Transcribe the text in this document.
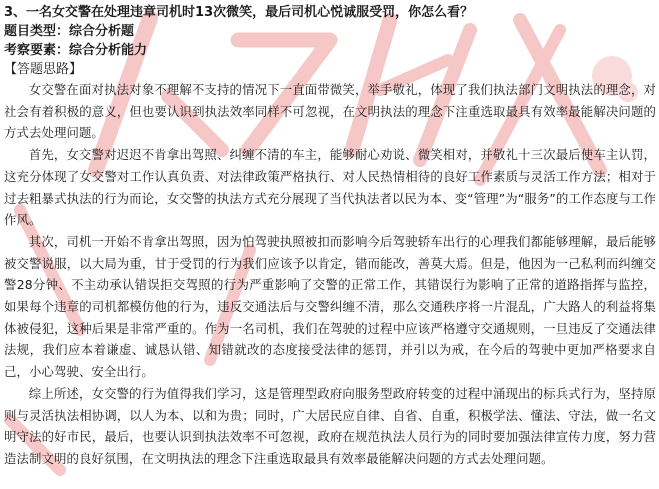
3、一名女交警在处理违章司机时13次微笑，最后司机心悦诚服受罚，你怎么看？

题目类型：综合分析题

考察要素：综合分析能力

【答题思路】

女交警在面对执法对象不理解不支持的情况下一直面带微笑，举手敬礼，体现了我们执法部门文明执法的理念，对社会有着积极的意义，但也要认识到执法效率同样不可忽视，在文明执法的理念下注重选取最具有效率最能解决问题的方式去处理问题。

首先，女交警对迟迟不肯拿出驾照、纠缠不清的车主，能够耐心劝说、微笑相对，并敬礼十三次最后使车主认罚，这充分体现了女交警对工作认真负责、对法律政策严格执行、对人民热情相待的良好工作素质与灵活工作方法；相对于过去粗暴式执法的行为而论，女交警的执法方式充分展现了当代执法者以民为本、变“管理”为“服务”的工作态度与工作作风。

其次，司机一开始不肯拿出驾照，因为怕驾驶执照被扣而影响今后驾驶轿车出行的心理我们都能够理解，最后能够被交警说服，以大局为重，甘于受罚的行为我们应该予以肯定，错而能改，善莫大焉。但是，他因为一己私利而纠缠交警28分钟、不主动承认错误拒交驾照的行为严重影响了交警的正常工作，其错误行为影响了正常的道路指挥与监控，如果每个违章的司机都模仿他的行为，违反交通法后与交警纠缠不清，那么交通秩序将一片混乱，广大路人的利益将集体被侵犯，这种后果是非常严重的。作为一名司机，我们在驾驶的过程中应该严格遵守交通规则，一旦违反了交通法律法规，我们应本着谦虚、诚恳认错、知错就改的态度接受法律的惩罚，并引以为戒，在今后的驾驶中更加严格要求自己，小心驾驶、安全出行。

综上所述，女交警的行为值得我们学习，这是管理型政府向服务型政府转变的过程中涌现出的标兵式行为，坚持原则与灵活执法相协调，以人为本、以和为贵；同时，广大居民应自律、自省、自重，积极学法、懂法、守法，做一名文明守法的好市民，最后，也要认识到执法效率不可忽视，政府在规范执法人员行为的同时要加强法律宣传力度，努力营造法制文明的良好氛围，在文明执法的理念下注重选取最具有效率最能解决问题的方式去处理问题。
